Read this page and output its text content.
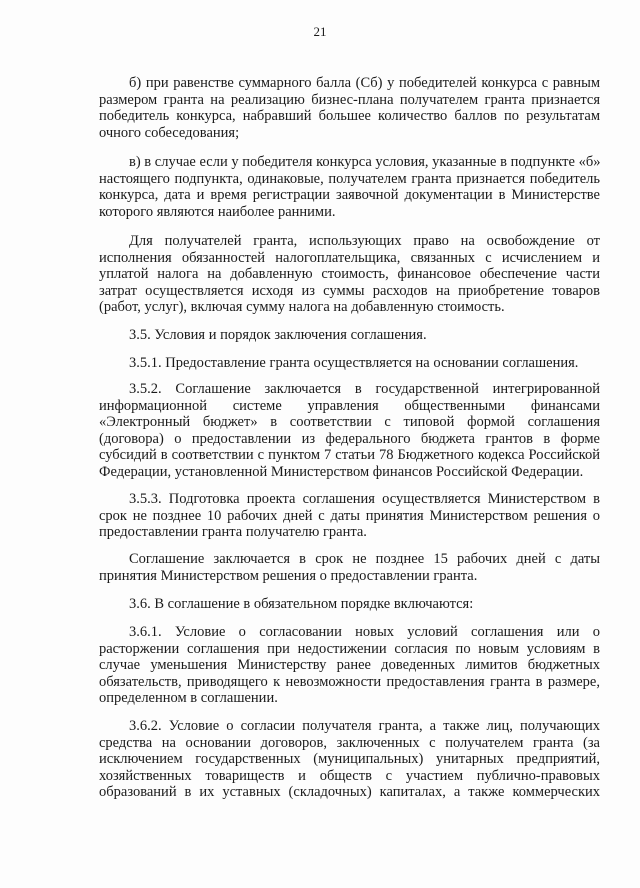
21
б) при равенстве суммарного балла (Сб) у победителей конкурса с равным
размером гранта на реализацию бизнес-плана получателем гранта признается
победитель конкурса, набравший большее количество баллов по результатам
очного собеседования;
в) в случае если у победителя конкурса условия, указанные в подпункте «б»
настоящего подпункта, одинаковые, получателем гранта признается победитель
конкурса, дата и время регистрации заявочной документации в Министерстве
которого являются наиболее ранними.
Для получателей гранта, использующих право на освобождение от
исполнения обязанностей налогоплательщика, связанных с исчислением и
уплатой налога на добавленную стоимость, финансовое обеспечение части
затрат осуществляется исходя из суммы расходов на приобретение товаров
(работ, услуг), включая сумму налога на добавленную стоимость.
3.5. Условия и порядок заключения соглашения.
3.5.1. Предоставление гранта осуществляется на основании соглашения.
3.5.2. Соглашение заключается в государственной интегрированной
информационной системе управления общественными финансами
«Электронный бюджет» в соответствии с типовой формой соглашения
(договора) о предоставлении из федерального бюджета грантов в форме
субсидий в соответствии с пунктом 7 статьи 78 Бюджетного кодекса Российской
Федерации, установленной Министерством финансов Российской Федерации.
3.5.3. Подготовка проекта соглашения осуществляется Министерством в
срок не позднее 10 рабочих дней с даты принятия Министерством решения о
предоставлении гранта получателю гранта.
Соглашение заключается в срок не позднее 15 рабочих дней с даты
принятия Министерством решения о предоставлении гранта.
3.6. В соглашение в обязательном порядке включаются:
3.6.1. Условие о согласовании новых условий соглашения или о
расторжении соглашения при недостижении согласия по новым условиям в
случае уменьшения Министерству ранее доведенных лимитов бюджетных
обязательств, приводящего к невозможности предоставления гранта в размере,
определенном в соглашении.
3.6.2. Условие о согласии получателя гранта, а также лиц, получающих
средства на основании договоров, заключенных с получателем гранта (за
исключением государственных (муниципальных) унитарных предприятий,
хозяйственных товариществ и обществ с участием публично-правовых
образований в их уставных (складочных) капиталах, а также коммерческих
